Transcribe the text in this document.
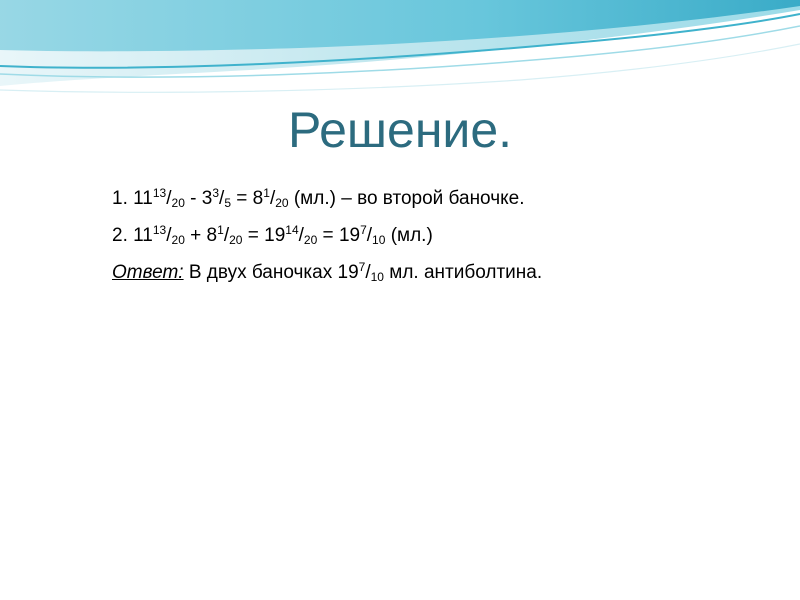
Решение.
1. $11^{13}/_{20} - 3^3/_5 = 8^1/_{20}$ (мл.) – во второй баночке.
2. $11^{13}/_{20} + 8^1/_{20} = 19^{14}/_{20} = 19^7/_{10}$ (мл.)
Ответ: В двух баночках $19^7/_{10}$ мл. антиболтина.
